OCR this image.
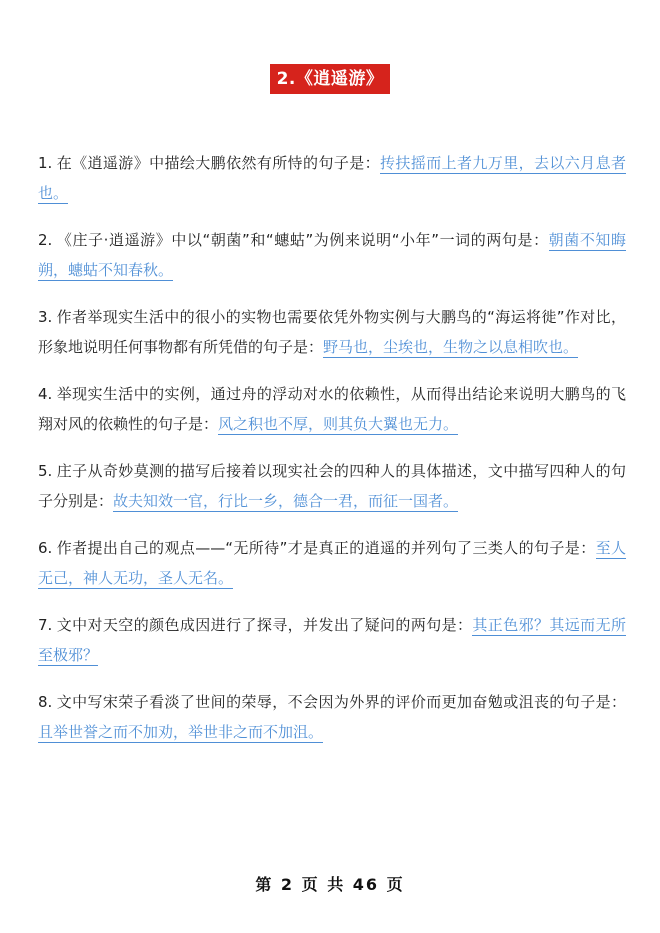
2.《逍遥游》

1. 在《逍遥游》中描绘大鹏依然有所恃的句子是：抟扶摇而上者九万里，去以六月息者也。

2. 《庄子·逍遥游》中以“朝菌”和“蟪蛄”为例来说明“小年”一词的两句是：朝菌不知晦朔，蟪蛄不知春秋。

3. 作者举现实生活中的很小的实物也需要依凭外物实例与大鹏鸟的“海运将徙”作对比，形象地说明任何事物都有所凭借的句子是：野马也，尘埃也，生物之以息相吹也。

4. 举现实生活中的实例，通过舟的浮动对水的依赖性，从而得出结论来说明大鹏鸟的飞翔对风的依赖性的句子是：风之积也不厚，则其负大翼也无力。

5. 庄子从奇妙莫测的描写后接着以现实社会的四种人的具体描述，文中描写四种人的句子分别是：故夫知效一官，行比一乡，德合一君，而征一国者。

6. 作者提出自己的观点——“无所待”才是真正的逍遥的并列句了三类人的句子是：至人无己，神人无功，圣人无名。

7. 文中对天空的颜色成因进行了探寻，并发出了疑问的两句是：其正色邪？其远而无所至极邪？

8. 文中写宋荣子看淡了世间的荣辱，不会因为外界的评价而更加奋勉或沮丧的句子是：且举世誉之而不加劝，举世非之而不加沮。

第 2 页 共 46 页
